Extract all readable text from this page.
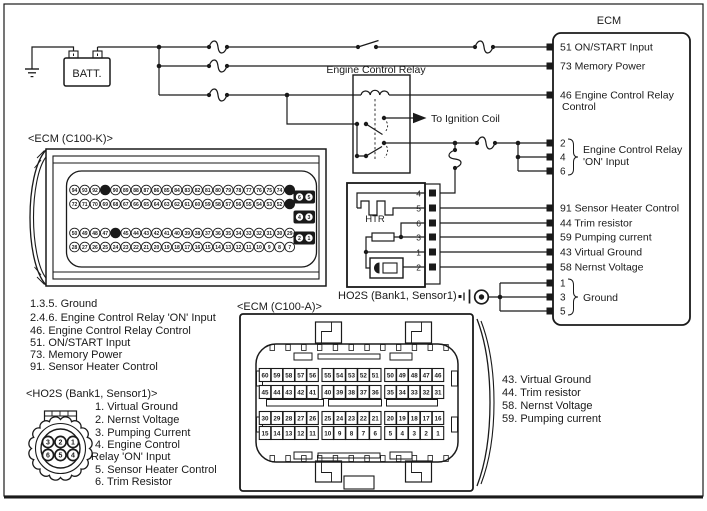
BATT.	Engine Control Relay
To Ignition Coil
4
5
6
3
1
2
HTR
HO2S (Bank1, Sensor1)
ECM
51 ON/START Input
73 Memory Power
46 Engine Control Relay
Control
2
4
6
Engine Control Relay
'ON' Input
91 Sensor Heater Control
44 Trim resistor
59 Pumping current
43 Virtual Ground
58 Nernst Voltage
1
3
5
Ground
<ECM (C100-K)>
94 93 92 91 90 89 88 87 86 85 84 83 82 81 80 79 78 77 76 75 74 73
72 71 70 69 68 67 66 65 64 63 62 61 60 59 58 57 56 55 54 53 52 51
50 49 48 47 46 45 44 43 42 41 40 39 38 37 36 35 34 33 32 31 30 29
28 27 26 25 24 23 22 21 20 19 18 17 16 15 14 13 12 11 10 9 8 7
6 5
4 3
2 1
1.3.5. Ground
2.4.6. Engine Control Relay 'ON' Input
46. Engine Control Relay Control
51. ON/START Input
73. Memory Power
91. Sensor Heater Control
<HO2S (Bank1, Sensor1)>
3 2 1
6 5 4
1. Virtual Ground
2. Nernst Voltage
3. Pumping Current
4. Engine Control
Relay 'ON' Input
5. Sensor Heater Control
6. Trim Resistor
<ECM (C100-A)>
60 59 58 57 56 55 54 53 52 51 50 49 48 47 46
45 44 43 42 41 40 39 38 37 36 35 34 33 32 31
30 29 28 27 26 25 24 23 22 21 20 19 18 17 16
15 14 13 12 11 10 9 8 7 6 5 4 3 2 1
43. Virtual Ground
44. Trim resistor
58. Nernst Voltage
59. Pumping current
